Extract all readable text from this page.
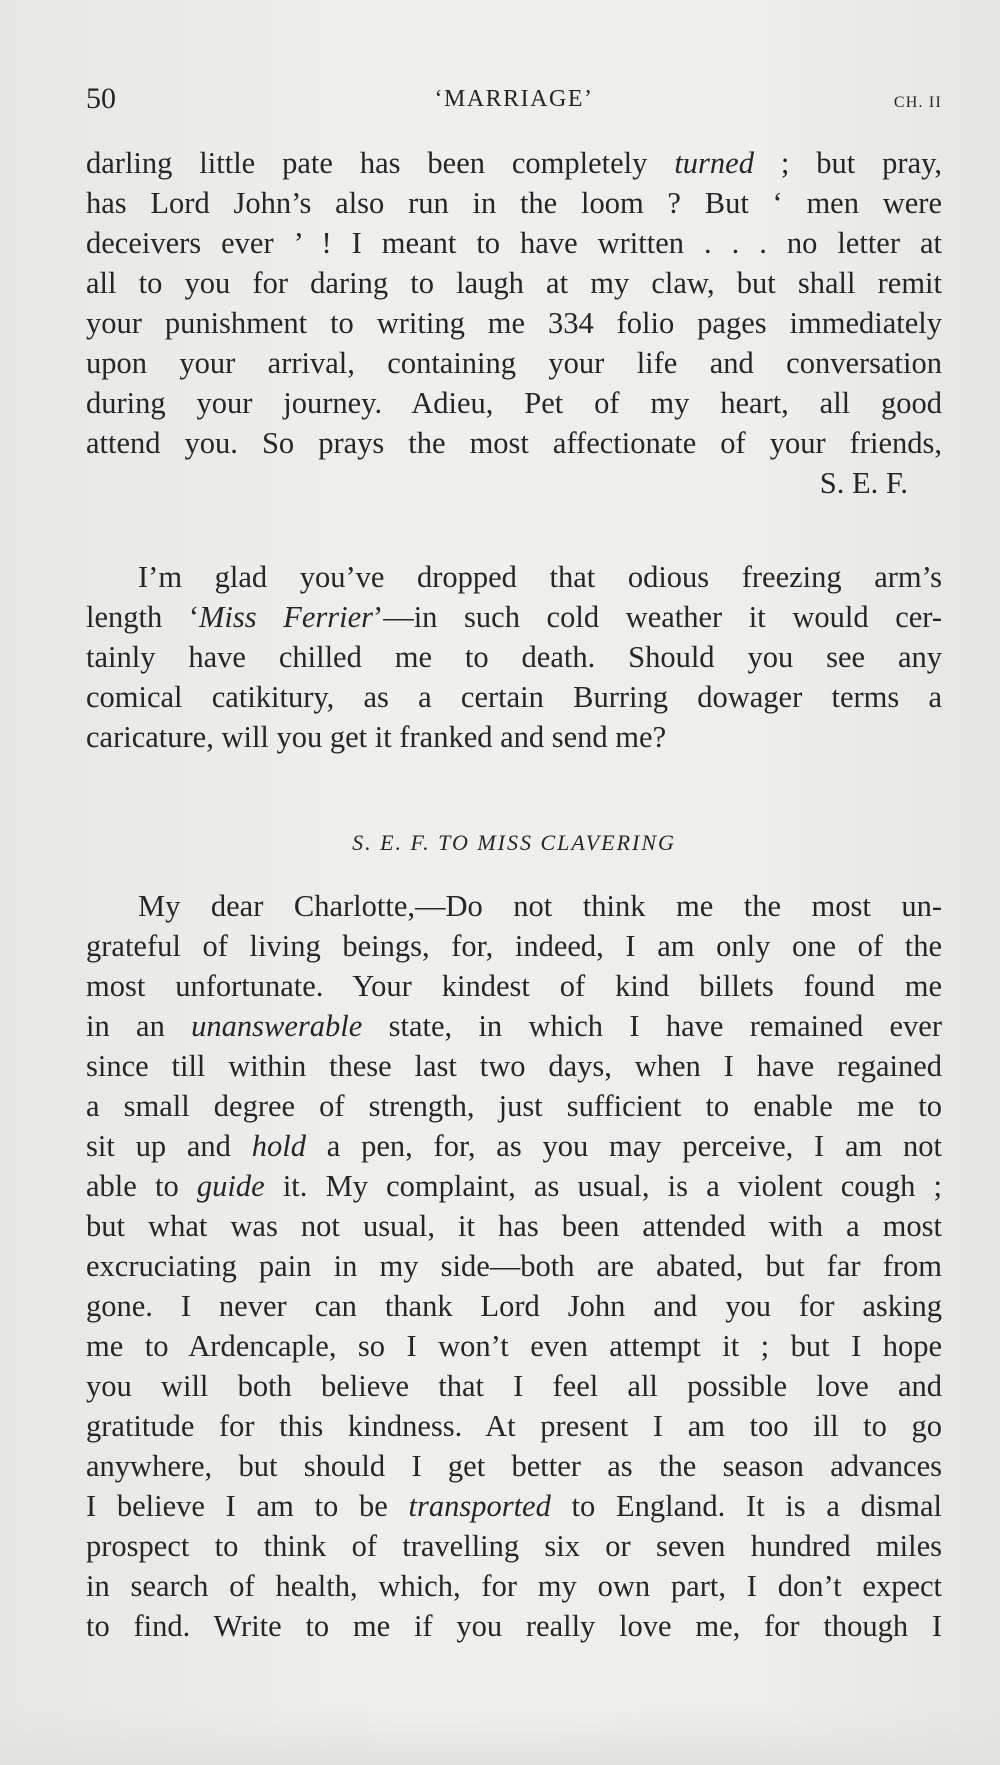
50	‘MARRIAGE’	CH. II
darling little pate has been completely turned ; but pray,
has Lord John’s also run in the loom ? But ‘ men were
deceivers ever ’ ! I meant to have written . . . no letter at
all to you for daring to laugh at my claw, but shall remit
your punishment to writing me 334 folio pages immediately
upon your arrival, containing your life and conversation
during your journey. Adieu, Pet of my heart, all good
attend you. So prays the most affectionate of your friends,
S. E. F.
I’m glad you’ve dropped that odious freezing arm’s
length ‘Miss Ferrier’—in such cold weather it would cer-
tainly have chilled me to death. Should you see any
comical catikitury, as a certain Burring dowager terms a
caricature, will you get it franked and send me?
S. E. F. TO MISS CLAVERING
My dear Charlotte,—Do not think me the most un-
grateful of living beings, for, indeed, I am only one of the
most unfortunate. Your kindest of kind billets found me
in an unanswerable state, in which I have remained ever
since till within these last two days, when I have regained
a small degree of strength, just sufficient to enable me to
sit up and hold a pen, for, as you may perceive, I am not
able to guide it. My complaint, as usual, is a violent cough ;
but what was not usual, it has been attended with a most
excruciating pain in my side—both are abated, but far from
gone. I never can thank Lord John and you for asking
me to Ardencaple, so I won’t even attempt it ; but I hope
you will both believe that I feel all possible love and
gratitude for this kindness. At present I am too ill to go
anywhere, but should I get better as the season advances
I believe I am to be transported to England. It is a dismal
prospect to think of travelling six or seven hundred miles
in search of health, which, for my own part, I don’t expect
to find. Write to me if you really love me, for though I
